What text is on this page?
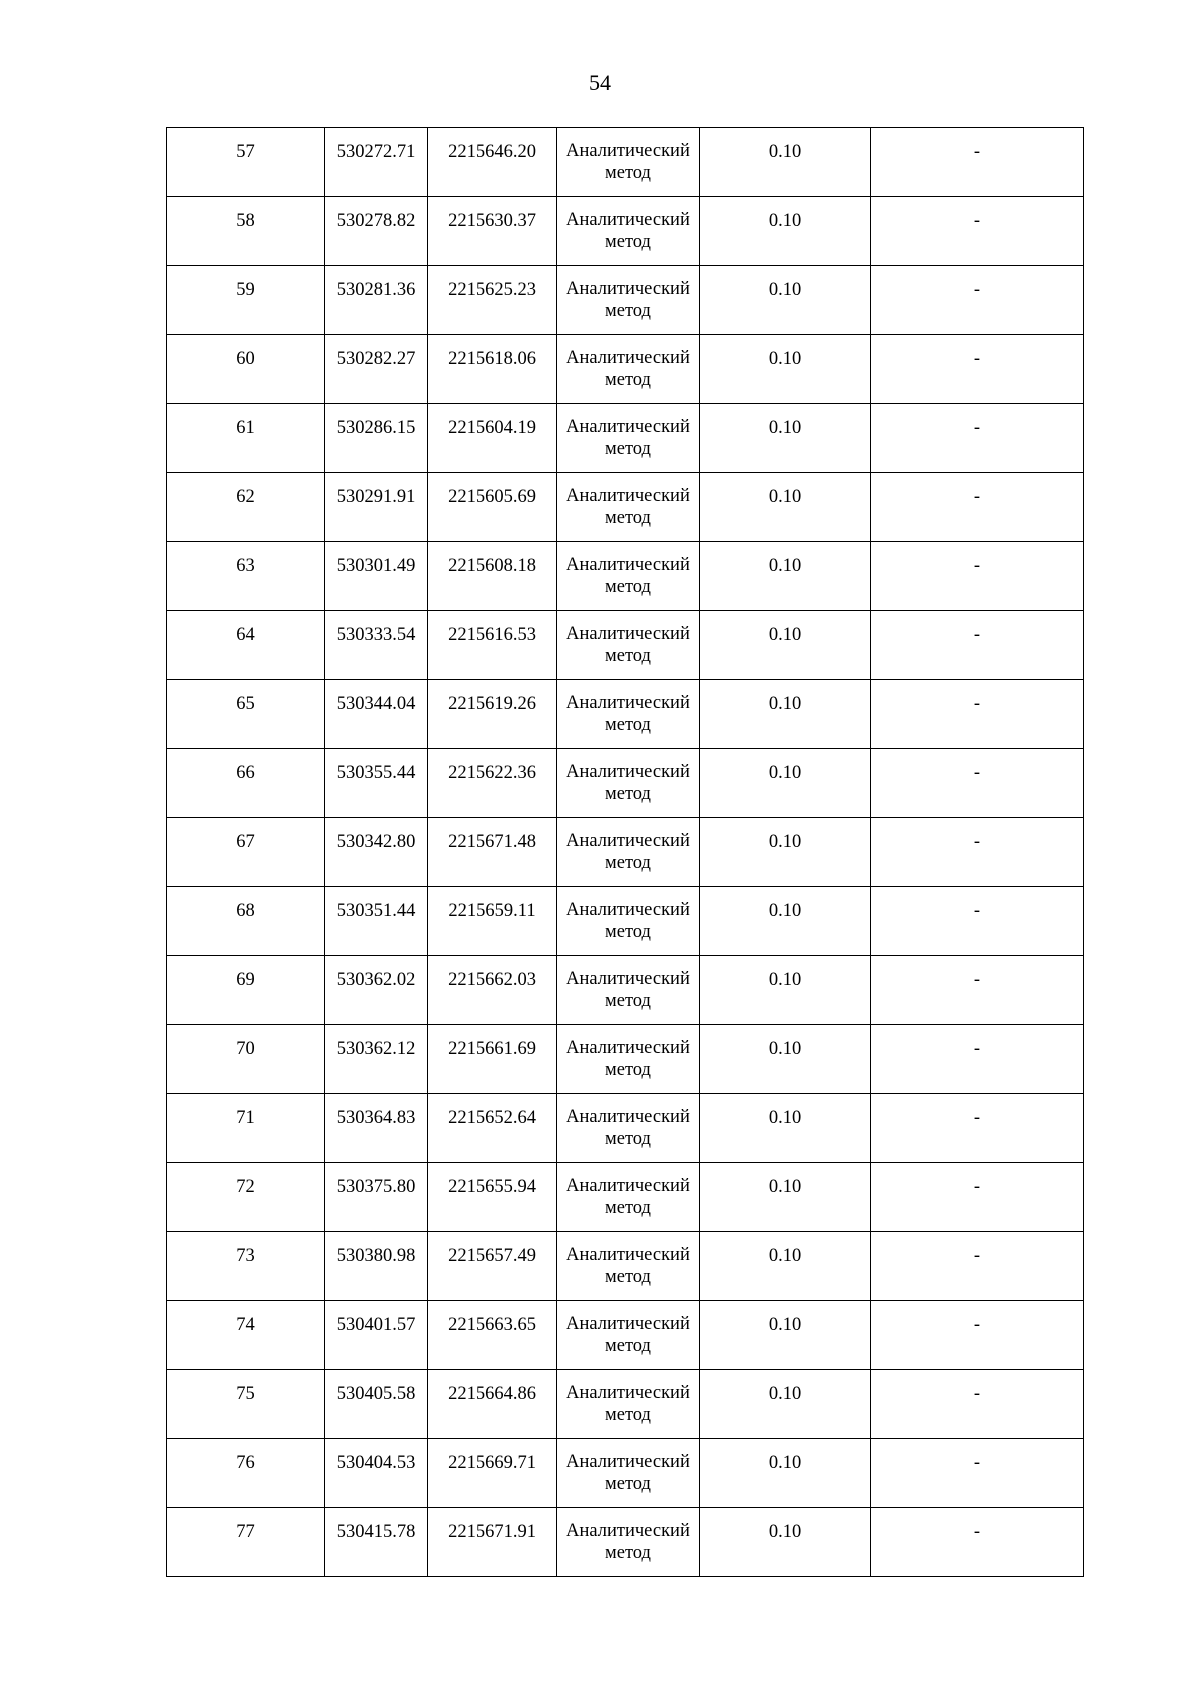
54
57	530272.71	2215646.20	Аналитический метод	0.10	-

58	530278.82	2215630.37	Аналитический метод	0.10	-

59	530281.36	2215625.23	Аналитический метод	0.10	-

60	530282.27	2215618.06	Аналитический метод	0.10	-

61	530286.15	2215604.19	Аналитический метод	0.10	-

62	530291.91	2215605.69	Аналитический метод	0.10	-

63	530301.49	2215608.18	Аналитический метод	0.10	-

64	530333.54	2215616.53	Аналитический метод	0.10	-

65	530344.04	2215619.26	Аналитический метод	0.10	-

66	530355.44	2215622.36	Аналитический метод	0.10	-

67	530342.80	2215671.48	Аналитический метод	0.10	-

68	530351.44	2215659.11	Аналитический метод	0.10	-

69	530362.02	2215662.03	Аналитический метод	0.10	-

70	530362.12	2215661.69	Аналитический метод	0.10	-

71	530364.83	2215652.64	Аналитический метод	0.10	-

72	530375.80	2215655.94	Аналитический метод	0.10	-

73	530380.98	2215657.49	Аналитический метод	0.10	-

74	530401.57	2215663.65	Аналитический метод	0.10	-

75	530405.58	2215664.86	Аналитический метод	0.10	-

76	530404.53	2215669.71	Аналитический метод	0.10	-

77	530415.78	2215671.91	Аналитический метод	0.10	-
